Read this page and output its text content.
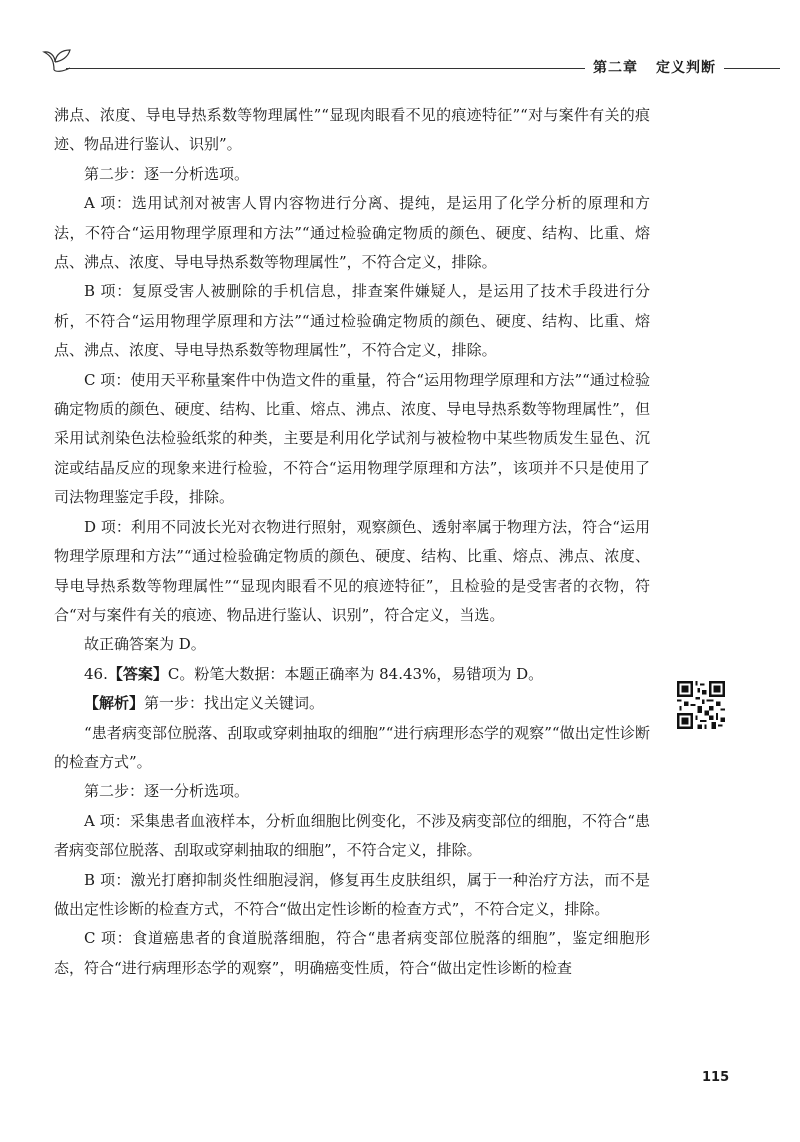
第二章 定义判断

沸点、浓度、导电导热系数等物理属性”“显现肉眼看不见的痕迹特征”“对与案件有关的痕迹、物品进行鉴认、识别”。

第二步：逐一分析选项。

A 项：选用试剂对被害人胃内容物进行分离、提纯，是运用了化学分析的原理和方法，不符合“运用物理学原理和方法”“通过检验确定物质的颜色、硬度、结构、比重、熔点、沸点、浓度、导电导热系数等物理属性”，不符合定义，排除。

B 项：复原受害人被删除的手机信息，排查案件嫌疑人，是运用了技术手段进行分析，不符合“运用物理学原理和方法”“通过检验确定物质的颜色、硬度、结构、比重、熔点、沸点、浓度、导电导热系数等物理属性”，不符合定义，排除。

C 项：使用天平称量案件中伪造文件的重量，符合“运用物理学原理和方法”“通过检验确定物质的颜色、硬度、结构、比重、熔点、沸点、浓度、导电导热系数等物理属性”，但采用试剂染色法检验纸浆的种类，主要是利用化学试剂与被检物中某些物质发生显色、沉淀或结晶反应的现象来进行检验，不符合“运用物理学原理和方法”，该项并不只是使用了司法物理鉴定手段，排除。

D 项：利用不同波长光对衣物进行照射，观察颜色、透射率属于物理方法，符合“运用物理学原理和方法”“通过检验确定物质的颜色、硬度、结构、比重、熔点、沸点、浓度、导电导热系数等物理属性”“显现肉眼看不见的痕迹特征”，且检验的是受害者的衣物，符合“对与案件有关的痕迹、物品进行鉴认、识别”，符合定义，当选。

故正确答案为 D。

46.【答案】C。粉笔大数据：本题正确率为 84.43%，易错项为 D。

【解析】第一步：找出定义关键词。

“患者病变部位脱落、刮取或穿刺抽取的细胞”“进行病理形态学的观察”“做出定性诊断的检查方式”。

第二步：逐一分析选项。

A 项：采集患者血液样本，分析血细胞比例变化，不涉及病变部位的细胞，不符合“患者病变部位脱落、刮取或穿刺抽取的细胞”，不符合定义，排除。

B 项：激光打磨抑制炎性细胞浸润，修复再生皮肤组织，属于一种治疗方法，而不是做出定性诊断的检查方式，不符合“做出定性诊断的检查方式”，不符合定义，排除。

C 项：食道癌患者的食道脱落细胞，符合“患者病变部位脱落的细胞”，鉴定细胞形态，符合“进行病理形态学的观察”，明确癌变性质，符合“做出定性诊断的检查

115
